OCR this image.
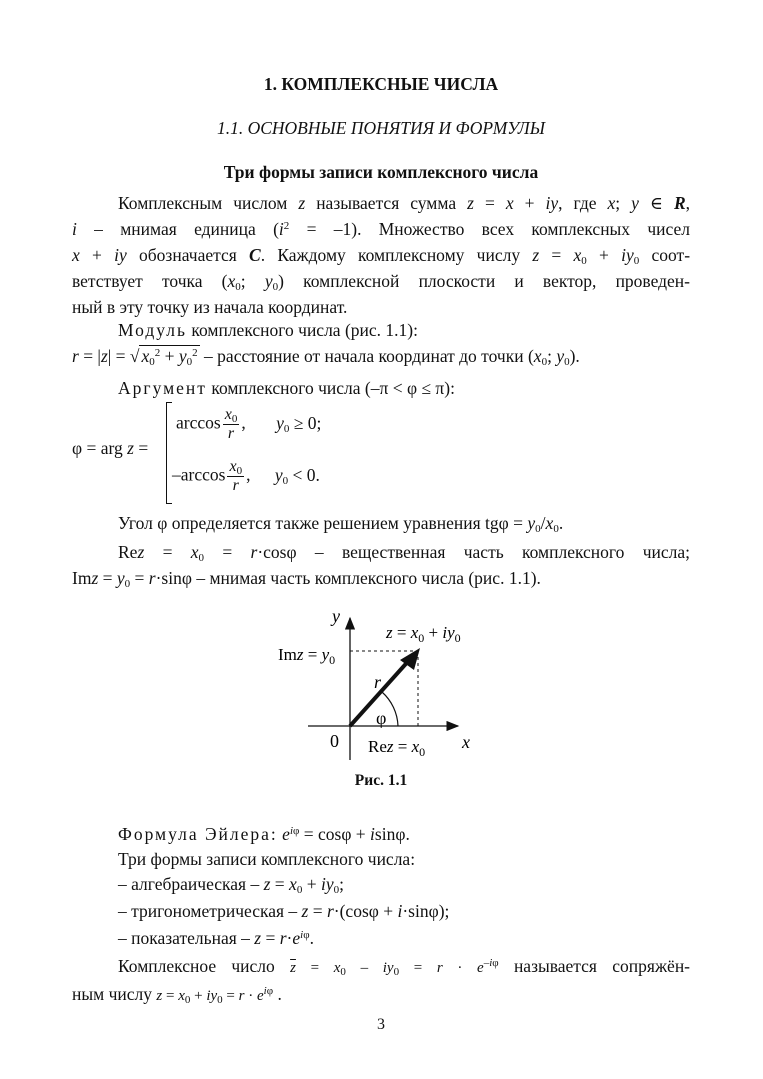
1. КОМПЛЕКСНЫЕ ЧИСЛА
1.1. ОСНОВНЫЕ ПОНЯТИЯ И ФОРМУЛЫ
Три формы записи комплексного числа
Комплексным числом z называется сумма z = x + iy, где x; y ∈ R,
i – мнимая единица $(i^2 = -1)$. Множество всех комплексных чисел
x + iy обозначается C. Каждому комплексному числу $z = x_0 + iy_0$ соот-
ветствует точка ($x_0$; $y_0$) комплексной плоскости и вектор, проведен-
ный в эту точку из начала координат.
Модуль комплексного числа (рис. 1.1):
r = |z| = √ $x_0^2 + y_0^2$ – расстояние от начала координат до точки ($x_0$; $y_0$).
Аргумент комплексного числа (–π < φ ≤ π):
φ = arg z =
$\arccos \frac{x_0}{r}$ , $y_0 \ge 0$;
$-\arccos \frac{x_0}{r}$ , $y_0 < 0$.
Угол φ определяется также решением уравнения $tg\varphi = y_0/x_0$.
Rez = $x_0 = r\cdot\cos\varphi$ – вещественная часть комплексного числа;
Imz = $y_0 = r\cdot\sin\varphi$ – мнимая часть комплексного числа (рис. 1.1).
0	x
y
φ
r
$z = x_0 + iy_0$
Imz = $y_0$
Rez = $x_0$
Рис. 1.1
Формула Эйлера: $e^{i\varphi} = \cos\varphi + isin\varphi$.
Три формы записи комплексного числа:
– алгебраическая – $z = x_0 + iy_0$;
– тригонометрическая – z = r·(cosφ + i·sinφ);
– показательная – $z = r\cdot e^{i\varphi}$.
Комплексное число $\overline{z} = x_0 - iy_0 = r \cdot e^{-i\varphi}$ называется сопряжён-
ным числу $z = x_0 + iy_0 = r \cdot e^{i\varphi}$ .
3
